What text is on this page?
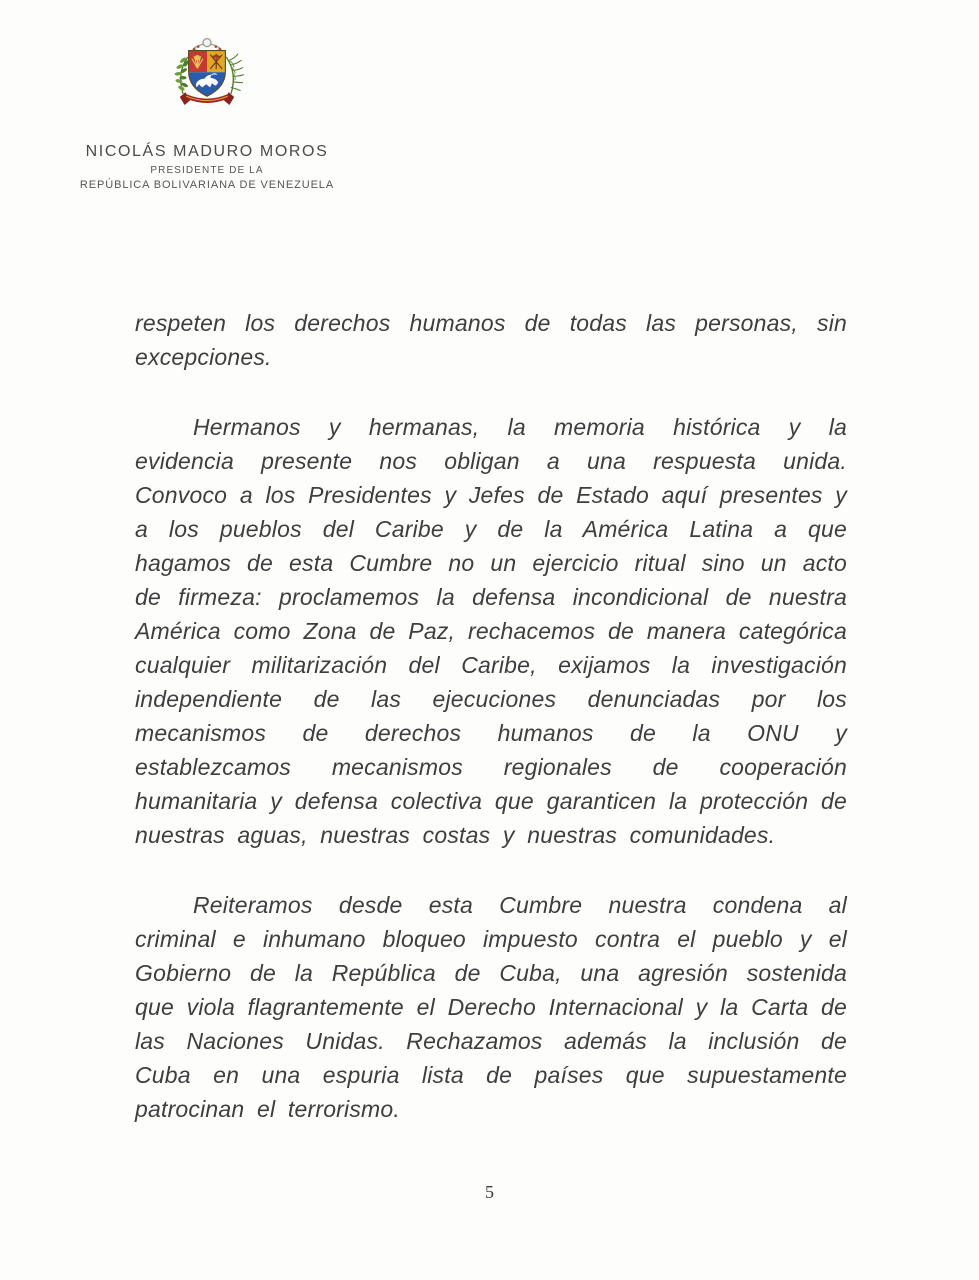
NICOLÁS MADURO MOROS
PRESIDENTE DE LA
REPÚBLICA BOLIVARIANA DE VENEZUELA

respeten los derechos humanos de todas las personas, sin excepciones.

Hermanos y hermanas, la memoria histórica y la evidencia presente nos obligan a una respuesta unida. Convoco a los Presidentes y Jefes de Estado aquí presentes y a los pueblos del Caribe y de la América Latina a que hagamos de esta Cumbre no un ejercicio ritual sino un acto de firmeza: proclamemos la defensa incondicional de nuestra América como Zona de Paz, rechacemos de manera categórica cualquier militarización del Caribe, exijamos la investigación independiente de las ejecuciones denunciadas por los mecanismos de derechos humanos de la ONU y establezcamos mecanismos regionales de cooperación humanitaria y defensa colectiva que garanticen la protección de nuestras aguas, nuestras costas y nuestras comunidades.

Reiteramos desde esta Cumbre nuestra condena al criminal e inhumano bloqueo impuesto contra el pueblo y el Gobierno de la República de Cuba, una agresión sostenida que viola flagrantemente el Derecho Internacional y la Carta de las Naciones Unidas. Rechazamos además la inclusión de Cuba en una espuria lista de países que supuestamente patrocinan el terrorismo.

5
